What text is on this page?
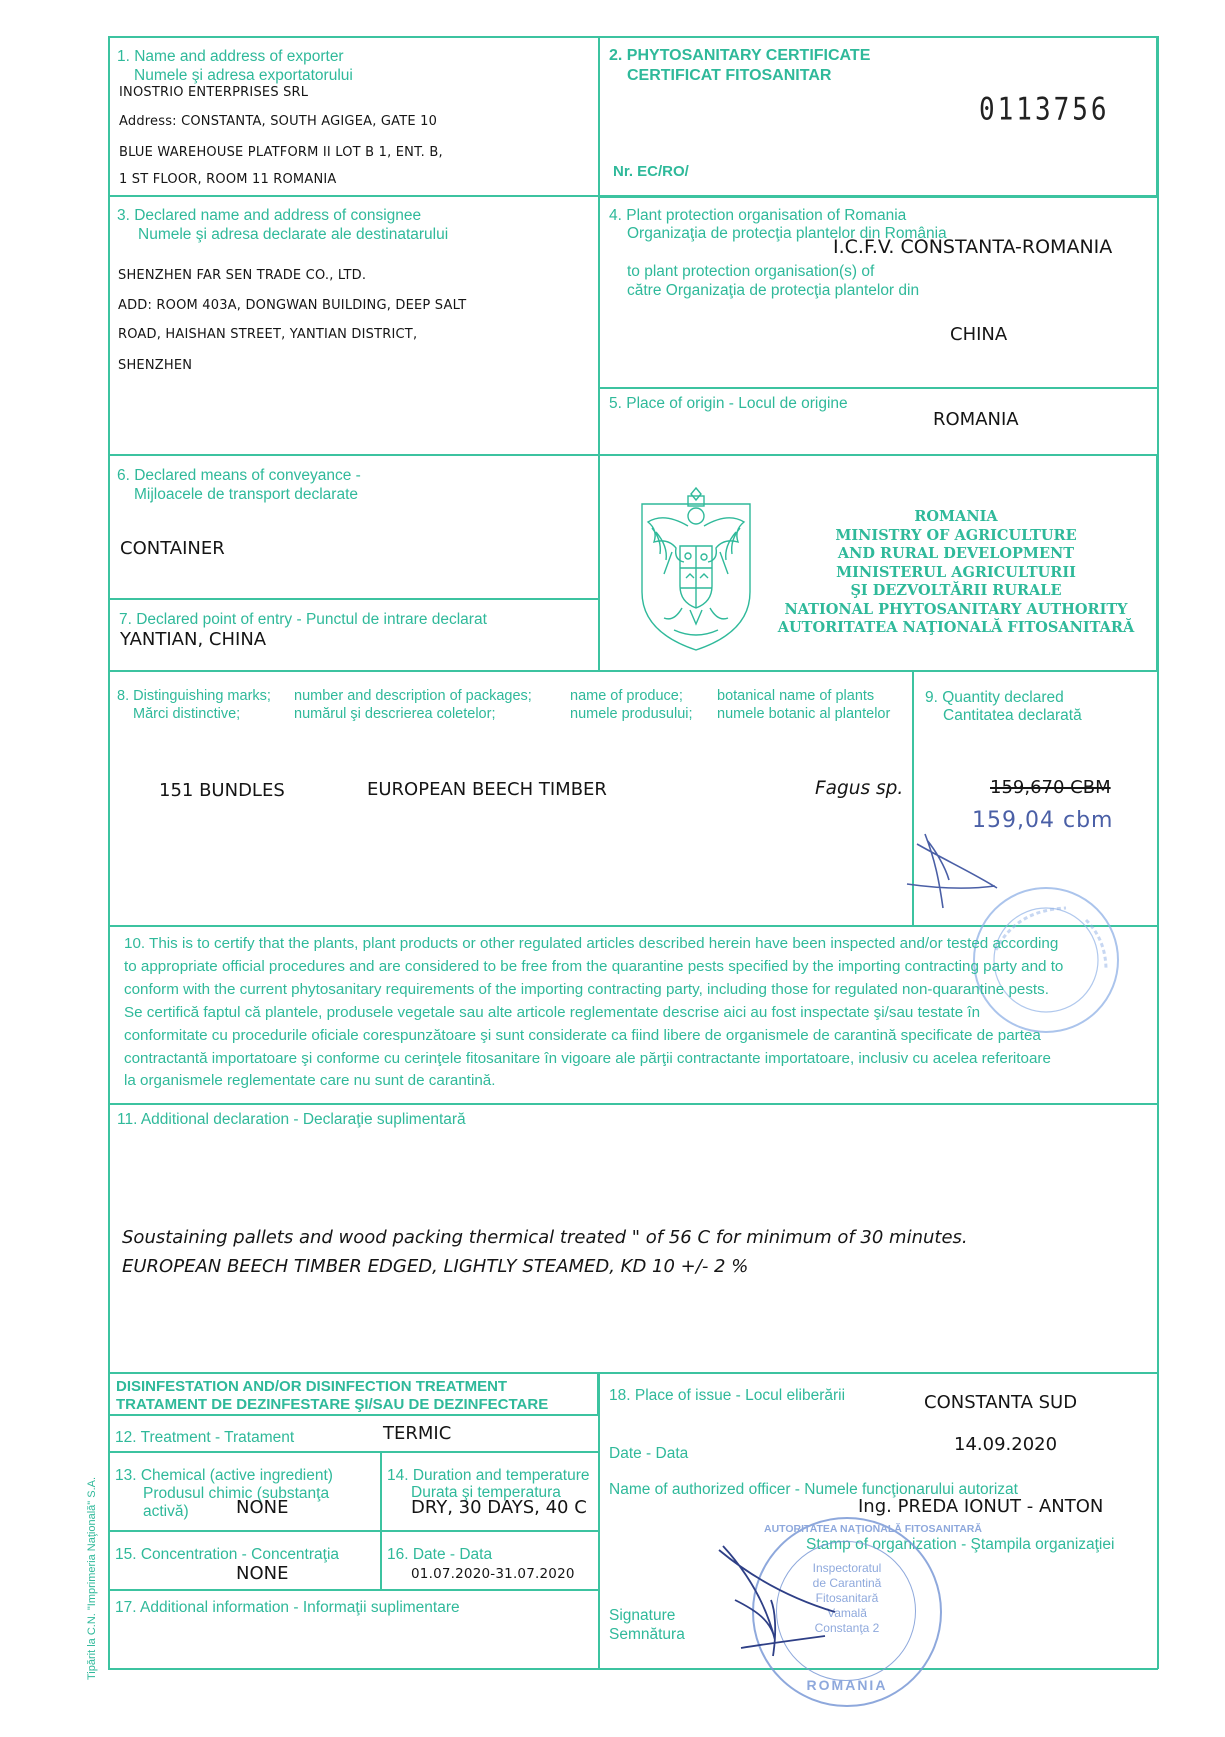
1. Name and address of exporter
Numele şi adresa exportatorului
INOSTRIO ENTERPRISES SRL
Address: CONSTANTA, SOUTH AGIGEA, GATE 10
BLUE WAREHOUSE PLATFORM II LOT B 1, ENT. B,
1 ST FLOOR, ROOM 11 ROMANIA
2. PHYTOSANITARY CERTIFICATE
CERTIFICAT FITOSANITAR
0113756
Nr. EC/RO/
3. Declared name and address of consignee
Numele şi adresa declarate ale destinatarului
SHENZHEN FAR SEN TRADE CO., LTD.
ADD: ROOM 403A, DONGWAN BUILDING, DEEP SALT
ROAD, HAISHAN STREET, YANTIAN DISTRICT,
SHENZHEN
4. Plant protection organisation of Romania
Organizaţia de protecţia plantelor din România
I.C.F.V. CONSTANTA-ROMANIA
to plant protection organisation(s) of
către Organizaţia de protecţia plantelor din
CHINA
5. Place of origin - Locul de origine
ROMANIA
6. Declared means of conveyance -
Mijloacele de transport declarate
CONTAINER
7. Declared point of entry - Punctul de intrare declarat
YANTIAN, CHINA
ROMANIA
MINISTRY OF AGRICULTURE
AND RURAL DEVELOPMENT
MINISTERUL AGRICULTURII
ŞI DEZVOLTĂRII RURALE
NATIONAL PHYTOSANITARY AUTHORITY
AUTORITATEA NAŢIONALĂ FITOSANITARĂ
8. Distinguishing marks;
Mărci distinctive;
number and description of packages;
numărul şi descrierea coletelor;
name of produce;
numele produsului;
botanical name of plants
numele botanic al plantelor
9. Quantity declared
Cantitatea declarată
151 BUNDLES	EUROPEAN BEECH TIMBER	Fagus sp.	159,670 CBM
159,04 cbm
10. This is to certify that the plants, plant products or other regulated articles described herein have been inspected and/or tested according
to appropriate official procedures and are considered to be free from the quarantine pests specified by the importing contracting party and to
conform with the current phytosanitary requirements of the importing contracting party, including those for regulated non-quarantine pests.
Se certifică faptul că plantele, produsele vegetale sau alte articole reglementate descrise aici au fost inspectate şi/sau testate în
conformitate cu procedurile oficiale corespunzătoare şi sunt considerate ca fiind libere de organismele de carantină specificate de partea
contractantă importatoare şi conforme cu cerinţele fitosanitare în vigoare ale părţii contractante importatoare, inclusiv cu acelea referitoare
la organismele reglementate care nu sunt de carantină.
11. Additional declaration - Declaraţie suplimentară
Soustaining pallets and wood packing thermical treated " of 56 C for minimum of 30 minutes.
EUROPEAN BEECH TIMBER EDGED, LIGHTLY STEAMED, KD 10 +/- 2 %
DISINFESTATION AND/OR DISINFECTION TREATMENT
TRATAMENT DE DEZINFESTARE ŞI/SAU DE DEZINFECTARE
12. Treatment - Tratament	TERMIC
13. Chemical (active ingredient)
Produsul chimic (substanţa
activă)	NONE
14. Duration and temperature
Durata şi temperatura
DRY, 30 DAYS, 40 C
15. Concentration - Concentraţia
NONE
16. Date - Data
01.07.2020-31.07.2020
17. Additional information - Informaţii suplimentare
18. Place of issue - Locul eliberării	CONSTANTA SUD
Date - Data	14.09.2020
Name of authorized officer - Numele funcţionarului autorizat
Ing. PREDA IONUT - ANTON
Stamp of organization - Ştampila organizaţiei
Signature
Semnătura
AUTORITATEA NAŢIONALĂ FITOSANITARĂ
Inspectoratul
de Carantină
Fitosanitară
Vamală
Constanţa 2
ROMANIA
Tipărit la C.N. "Imprimeria Naţională" S.A.
